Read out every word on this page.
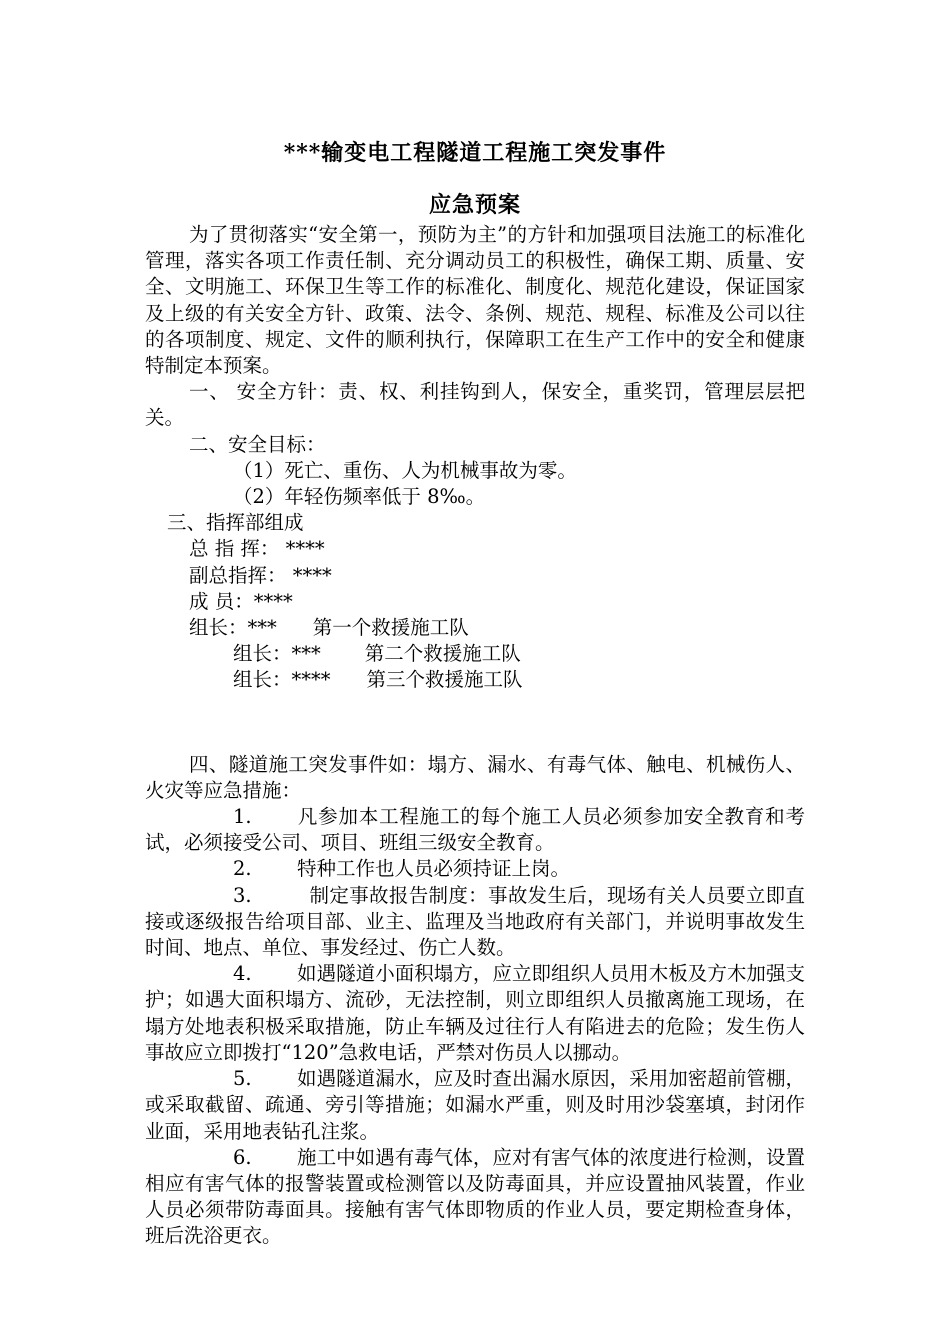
***输变电工程隧道工程施工突发事件
应急预案

为了贯彻落实“安全第一，预防为主”的方针和加强项目法施工的标准化管理，落实各项工作责任制、充分调动员工的积极性，确保工期、质量、安全、文明施工、环保卫生等工作的标准化、制度化、规范化建设，保证国家及上级的有关安全方针、政策、法令、条例、规范、规程、标准及公司以往的各项制度、规定、文件的顺利执行，保障职工在生产工作中的安全和健康特制定本预案。

一、 安全方针：责、权、利挂钩到人，保安全，重奖罚，管理层层把关。

二、安全目标：

（1）死亡、重伤、人为机械事故为零。

（2）年轻伤频率低于 8‰。

三、指挥部组成

总 指 挥： ****

副总指挥： ****

成 员：****

组长：*** 第一个救援施工队

组长：*** 第二个救援施工队

组长：**** 第三个救援施工队

四、隧道施工突发事件如：塌方、漏水、有毒气体、触电、机械伤人、火灾等应急措施：

1. 凡参加本工程施工的每个施工人员必须参加安全教育和考试，必须接受公司、项目、班组三级安全教育。

2. 特种工作也人员必须持证上岗。

3.	制定事故报告制度：事故发生后，现场有关人员要立即直接或逐级报告给项目部、业主、监理及当地政府有关部门，并说明事故发生时间、地点、单位、事发经过、伤亡人数。

4. 如遇隧道小面积塌方，应立即组织人员用木板及方木加强支护；如遇大面积塌方、流砂，无法控制，则立即组织人员撤离施工现场，在塌方处地表积极采取措施，防止车辆及过往行人有陷进去的危险；发生伤人事故应立即拨打“120”急救电话，严禁对伤员人以挪动。

5. 如遇隧道漏水，应及时查出漏水原因，采用加密超前管棚，或采取截留、疏通、旁引等措施；如漏水严重，则及时用沙袋塞填，封闭作业面，采用地表钻孔注浆。

6. 施工中如遇有毒气体，应对有害气体的浓度进行检测，设置相应有害气体的报警装置或检测管以及防毒面具，并应设置抽风装置，作业人员必须带防毒面具。接触有害气体即物质的作业人员，要定期检查身体，班后洗浴更衣。
